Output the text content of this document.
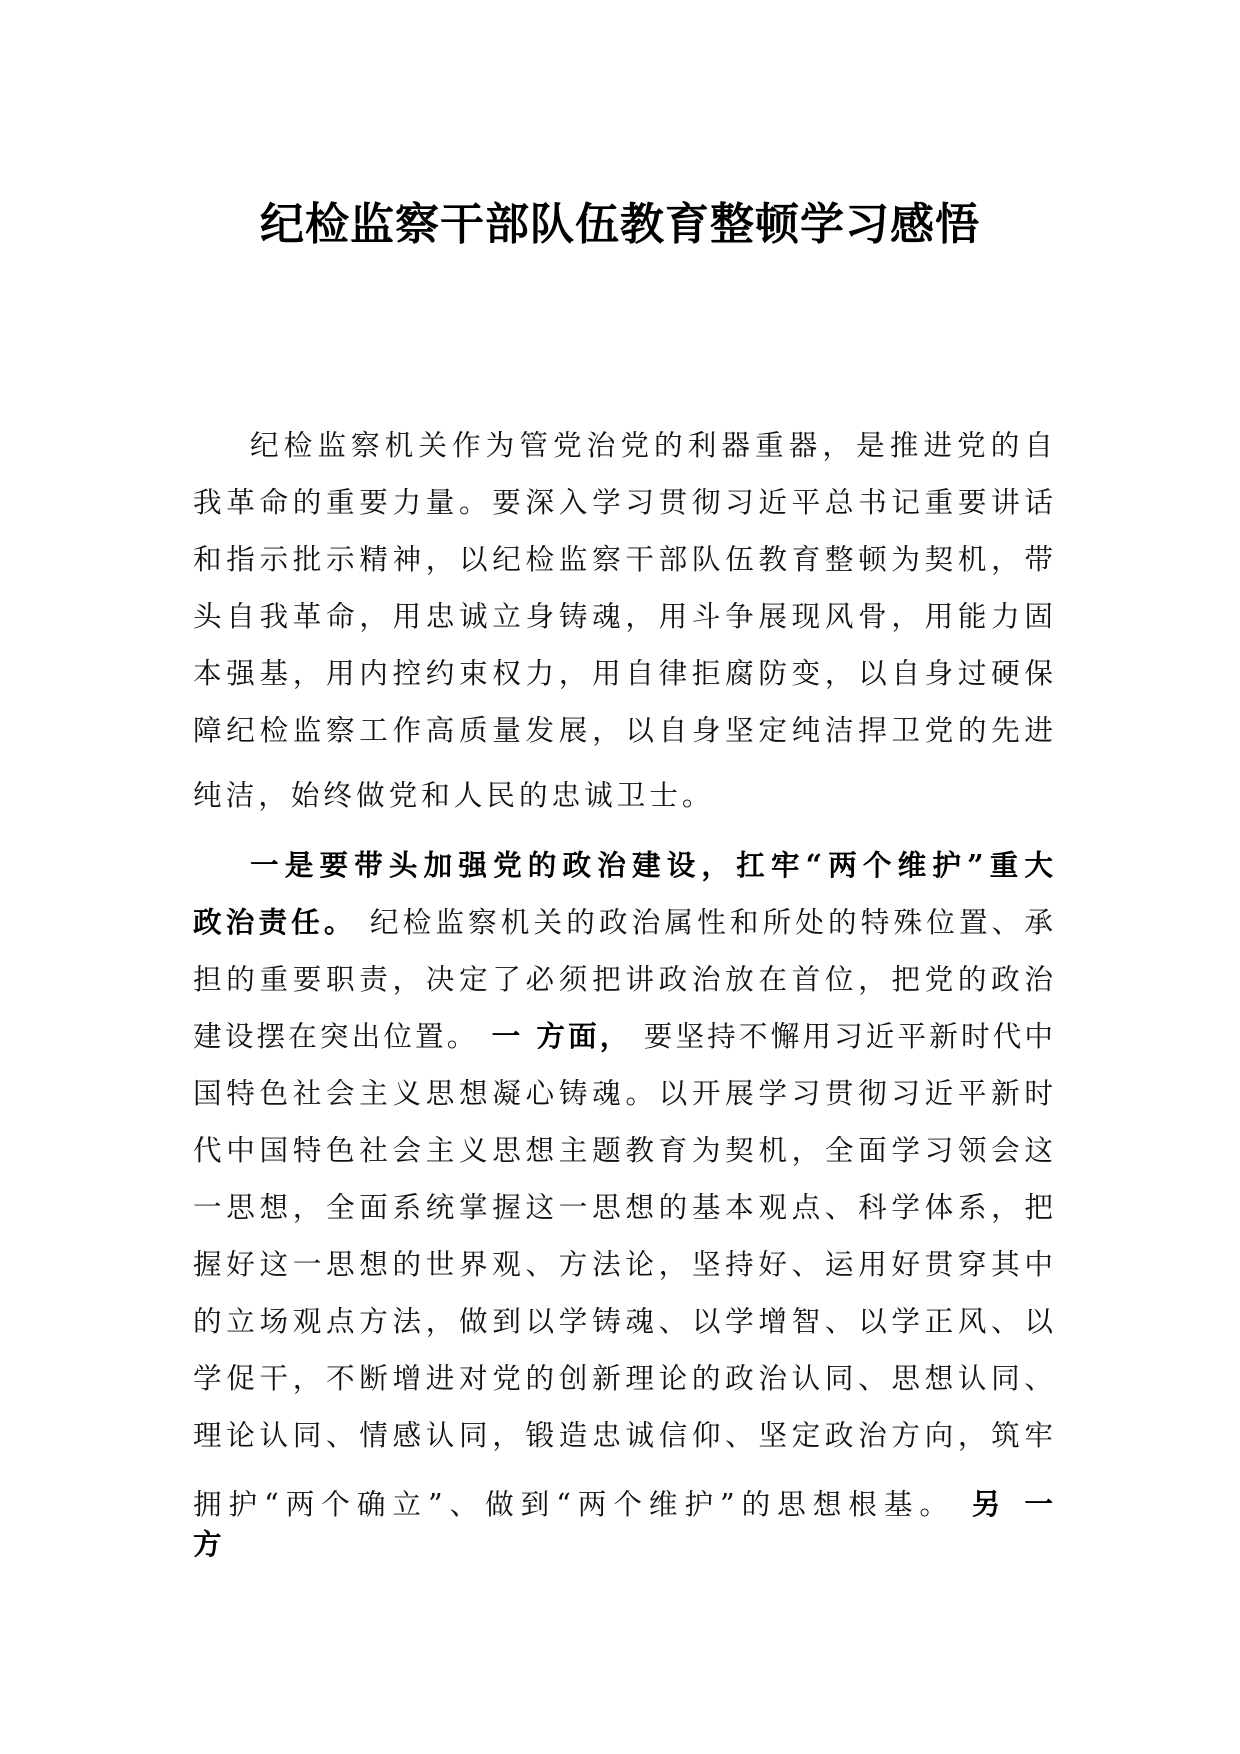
纪检监察干部队伍教育整顿学习感悟
纪检监察机关作为管党治党的利器重器，是推进党的自
我革命的重要力量。要深入学习贯彻习近平总书记重要讲话
和指示批示精神，以纪检监察干部队伍教育整顿为契机，带
头自我革命，用忠诚立身铸魂，用斗争展现风骨，用能力固
本强基，用内控约束权力，用自律拒腐防变，以自身过硬保
障纪检监察工作高质量发展，以自身坚定纯洁捍卫党的先进
纯洁，始终做党和人民的忠诚卫士。
一是要带头加强党的政治建设，扛牢“两个维护”重大
政治责任。 纪检监察机关的政治属性和所处的特殊位置、承
担的重要职责，决定了必须把讲政治放在首位，把党的政治
建设摆在突出位置。 一 方面， 要坚持不懈用习近平新时代中
国特色社会主义思想凝心铸魂。以开展学习贯彻习近平新时
代中国特色社会主义思想主题教育为契机，全面学习领会这
一思想，全面系统掌握这一思想的基本观点、科学体系，把
握好这一思想的世界观、方法论，坚持好、运用好贯穿其中
的立场观点方法，做到以学铸魂、以学增智、以学正风、以
学促干，不断增进对党的创新理论的政治认同、思想认同、
理论认同、情感认同，锻造忠诚信仰、坚定政治方向，筑牢
拥护“两个确立”、做到“两个维护”的思想根基。 另 一
方
